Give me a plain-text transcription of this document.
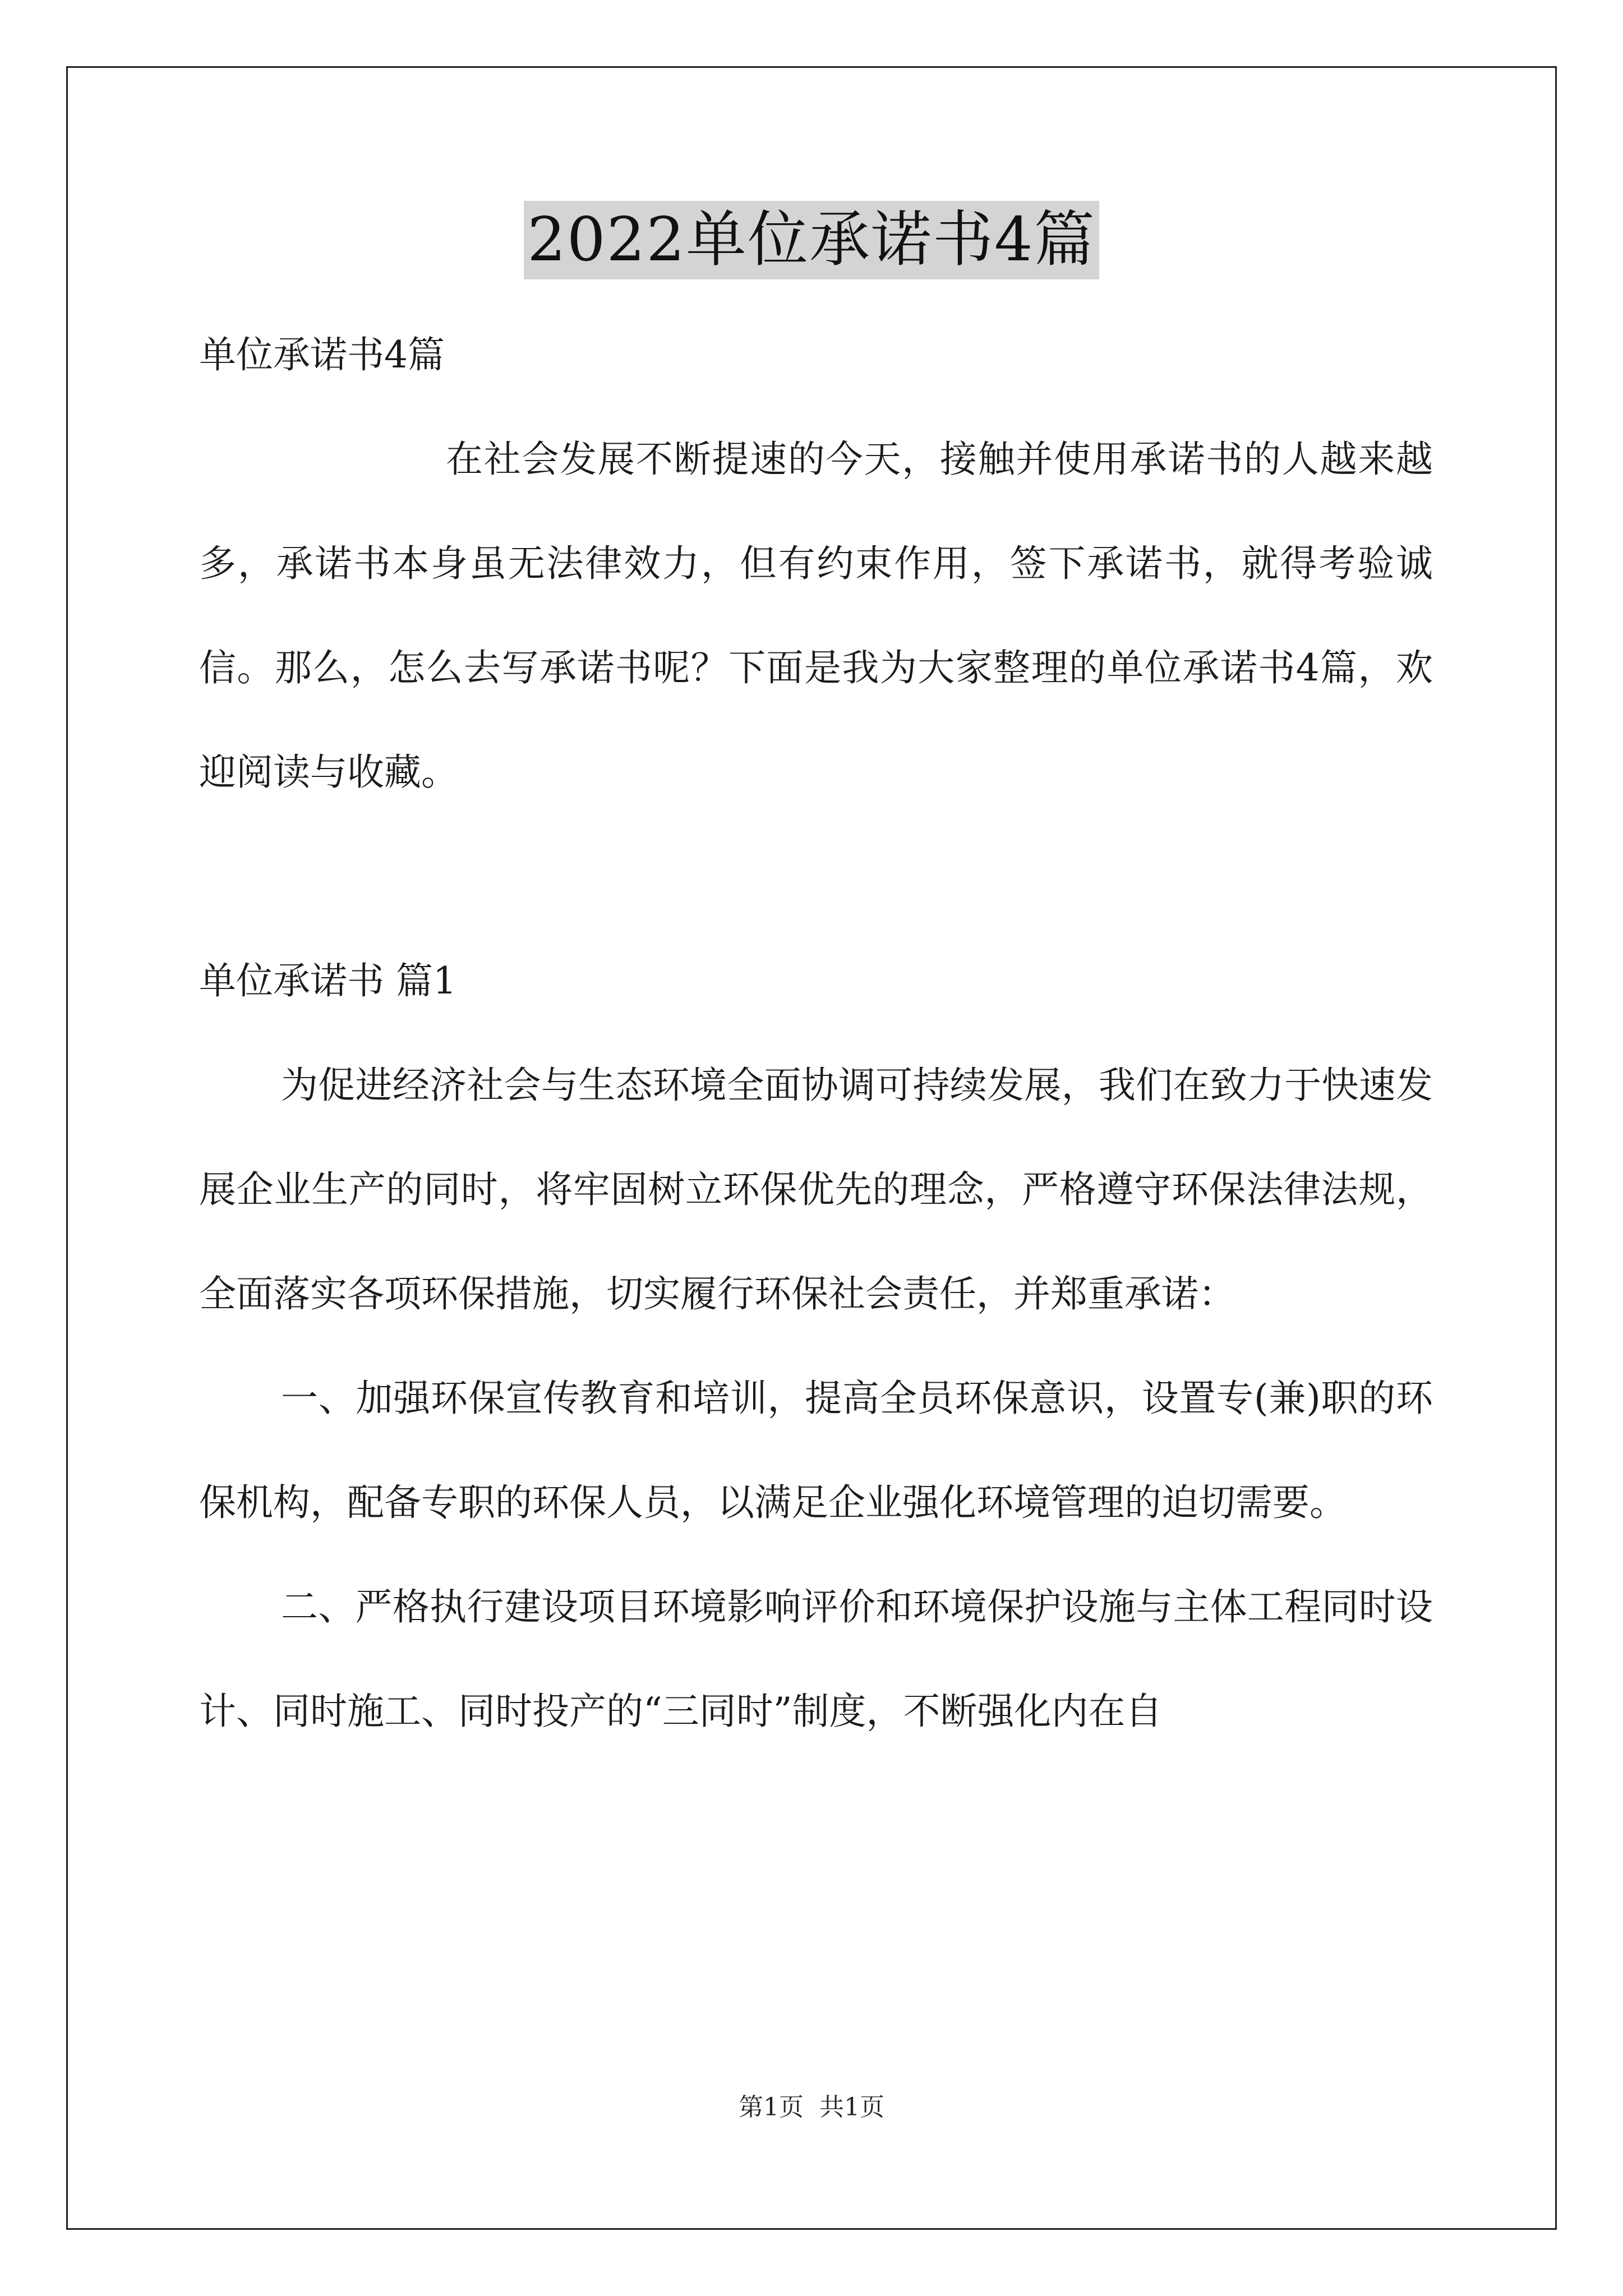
2022单位承诺书4篇

单位承诺书4篇

在社会发展不断提速的今天，接触并使用承诺书的人越来越多，承诺书本身虽无法律效力，但有约束作用，签下承诺书，就得考验诚信。那么，怎么去写承诺书呢？下面是我为大家整理的单位承诺书4篇，欢迎阅读与收藏。

单位承诺书 篇1

为促进经济社会与生态环境全面协调可持续发展，我们在致力于快速发展企业生产的同时，将牢固树立环保优先的理念，严格遵守环保法律法规，全面落实各项环保措施，切实履行环保社会责任，并郑重承诺：

一、加强环保宣传教育和培训，提高全员环保意识，设置专(兼)职的环保机构，配备专职的环保人员，以满足企业强化环境管理的迫切需要。

二、严格执行建设项目环境影响评价和环境保护设施与主体工程同时设计、同时施工、同时投产的“三同时”制度，不断强化内在自

第1页 共1页
